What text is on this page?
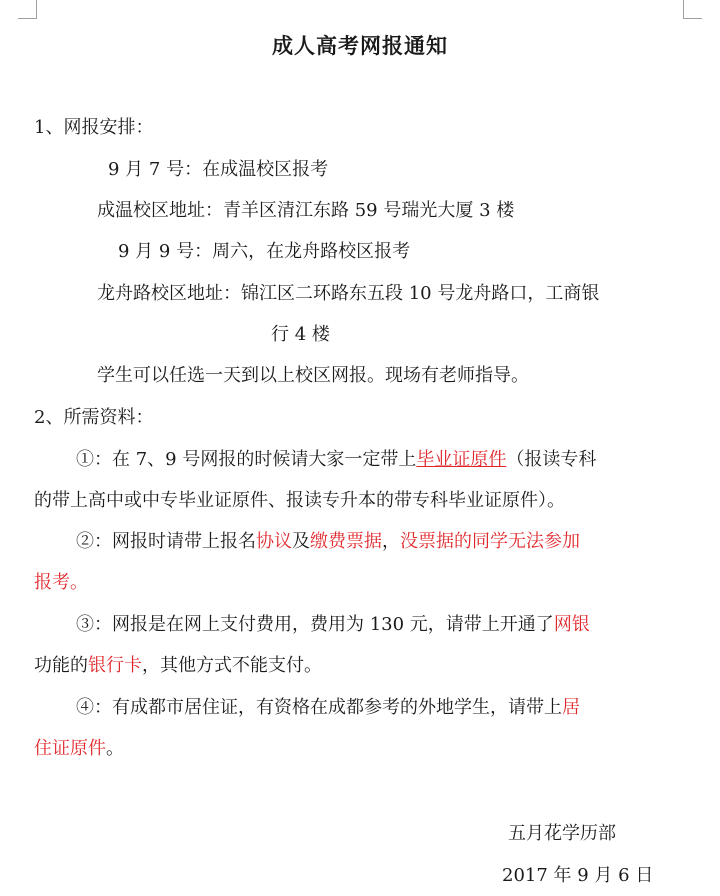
成人高考网报通知
1、网报安排：
9 月 7 号：在成温校区报考
成温校区地址：青羊区清江东路 59 号瑞光大厦 3 楼
9 月 9 号：周六，在龙舟路校区报考
龙舟路校区地址：锦江区二环路东五段 10 号龙舟路口，工商银
行 4 楼
学生可以任选一天到以上校区网报。现场有老师指导。
2、所需资料：
①：在 7、9 号网报的时候请大家一定带上毕业证原件（报读专科
的带上高中或中专毕业证原件、报读专升本的带专科毕业证原件）。
②：网报时请带上报名协议及缴费票据，没票据的同学无法参加
报考。
③：网报是在网上支付费用，费用为 130 元，请带上开通了网银
功能的银行卡，其他方式不能支付。
④：有成都市居住证，有资格在成都参考的外地学生，请带上居
住证原件。
五月花学历部
2017 年 9 月 6 日
